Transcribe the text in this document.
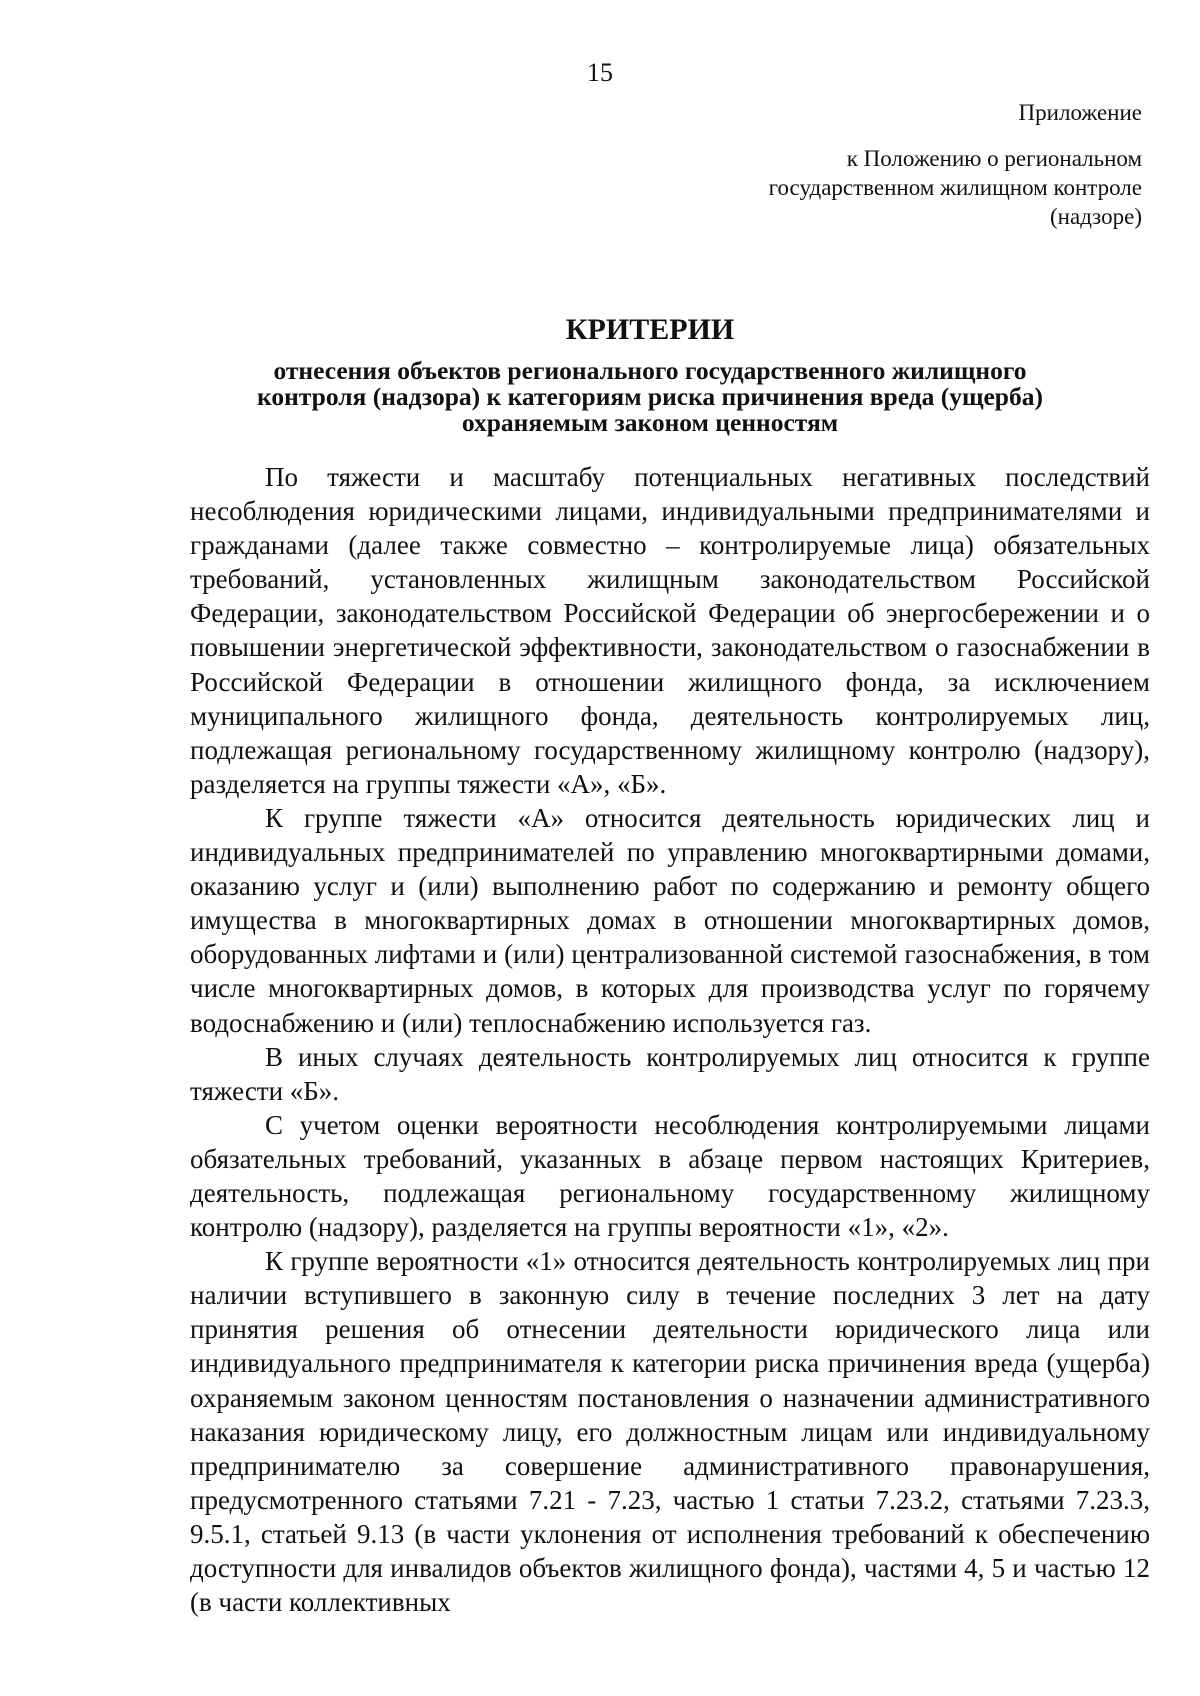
15
Приложение
к Положению о региональном
государственном жилищном контроле
(надзоре)
КРИТЕРИИ
отнесения объектов регионального государственного жилищного
контроля (надзора) к категориям риска причинения вреда (ущерба)
охраняемым законом ценностям

По тяжести и масштабу потенциальных негативных последствий несоблюдения юридическими лицами, индивидуальными предпринимателями и гражданами (далее также совместно – контролируемые лица) обязательных требований, установленных жилищным законодательством Российской Федерации, законодательством Российской Федерации об энергосбережении и о повышении энергетической эффективности, законодательством о газоснабжении в Российской Федерации в отношении жилищного фонда, за исключением муниципального жилищного фонда, деятельность контролируемых лиц, подлежащая региональному государственному жилищному контролю (надзору), разделяется на группы тяжести «А», «Б».

К группе тяжести «А» относится деятельность юридических лиц и индивидуальных предпринимателей по управлению многоквартирными домами, оказанию услуг и (или) выполнению работ по содержанию и ремонту общего имущества в многоквартирных домах в отношении многоквартирных домов, оборудованных лифтами и (или) централизованной системой газоснабжения, в том числе многоквартирных домов, в которых для производства услуг по горячему водоснабжению и (или) теплоснабжению используется газ.

В иных случаях деятельность контролируемых лиц относится к группе тяжести «Б».

С учетом оценки вероятности несоблюдения контролируемыми лицами обязательных требований, указанных в абзаце первом настоящих Критериев, деятельность, подлежащая региональному государственному жилищному контролю (надзору), разделяется на группы вероятности «1», «2».

К группе вероятности «1» относится деятельность контролируемых лиц при наличии вступившего в законную силу в течение последних 3 лет на дату принятия решения об отнесении деятельности юридического лица или индивидуального предпринимателя к категории риска причинения вреда (ущерба) охраняемым законом ценностям постановления о назначении административного наказания юридическому лицу, его должностным лицам или индивидуальному предпринимателю за совершение административного правонарушения, предусмотренного статьями 7.21 - 7.23, частью 1 статьи 7.23.2, статьями 7.23.3, 9.5.1, статьей 9.13 (в части уклонения от исполнения требований к обеспечению доступности для инвалидов объектов жилищного фонда), частями 4, 5 и частью 12 (в части коллективных
